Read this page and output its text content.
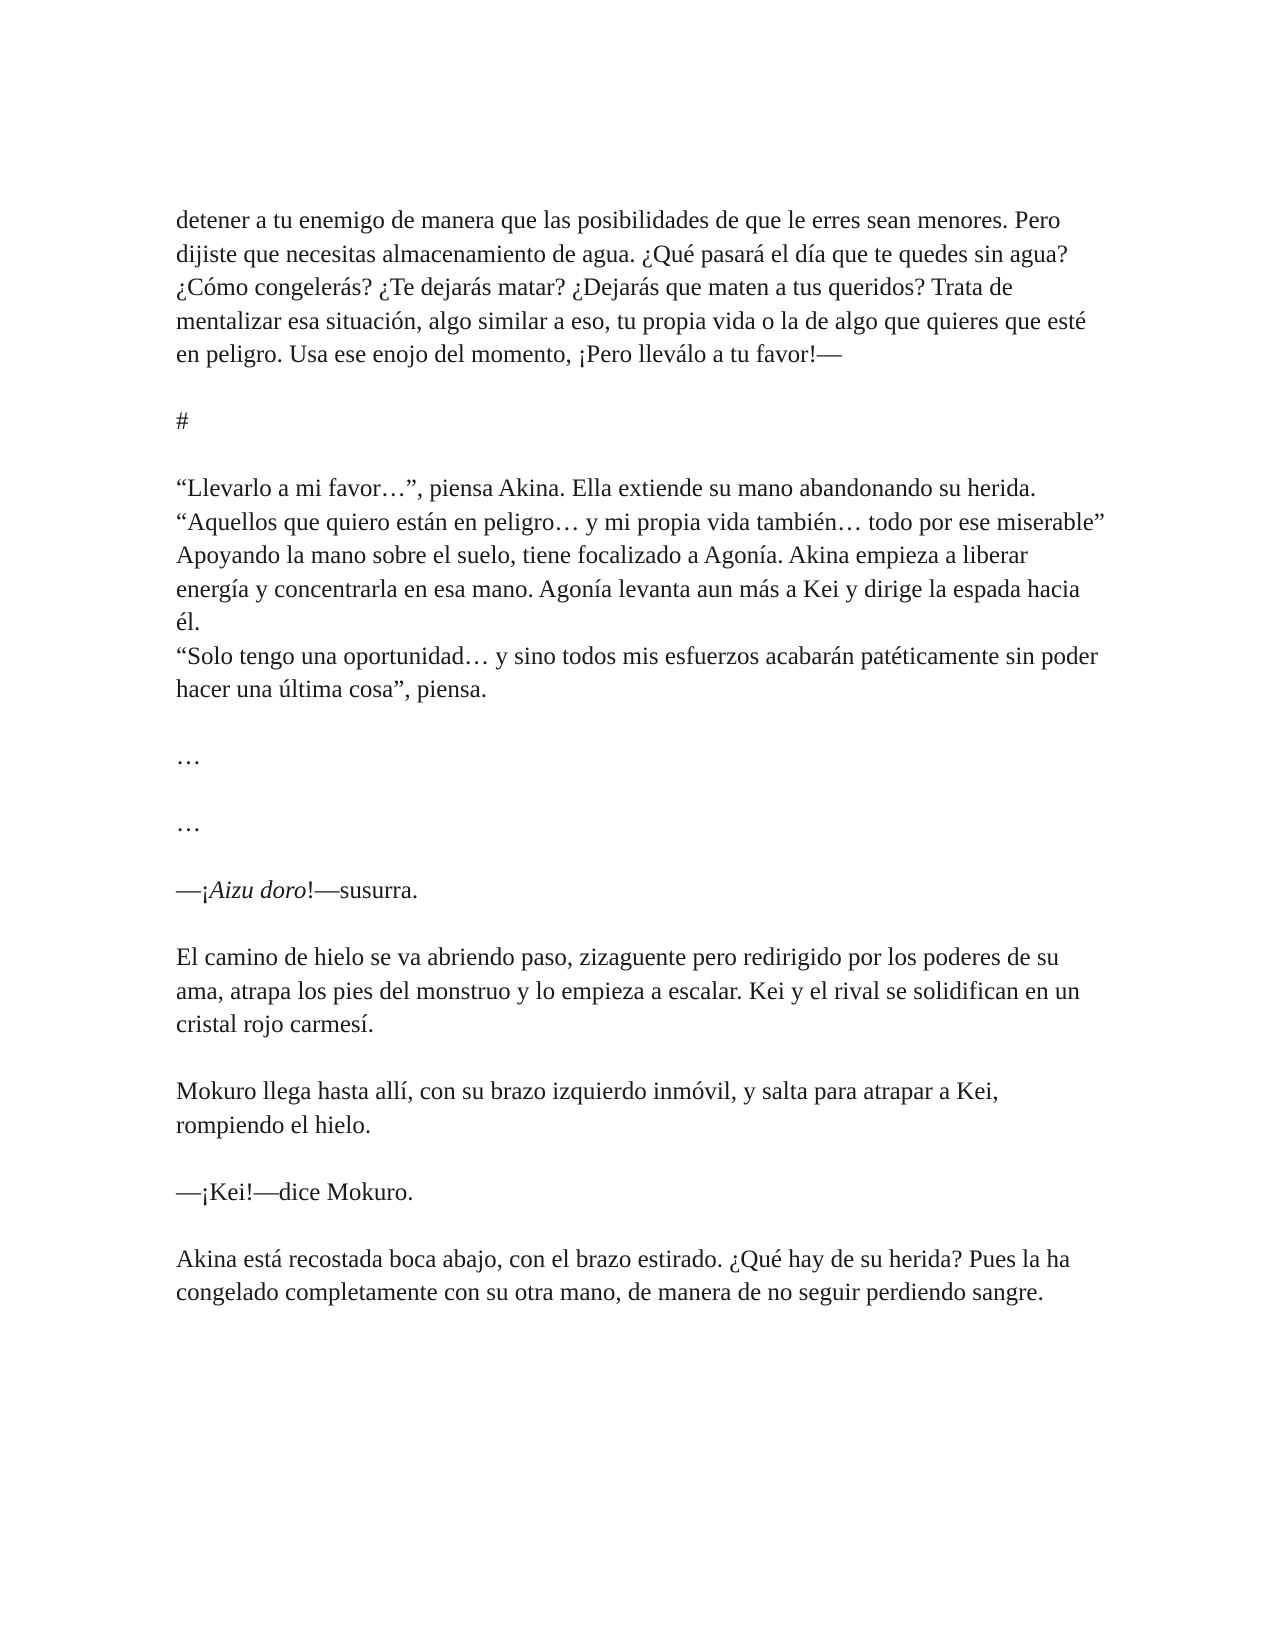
detener a tu enemigo de manera que las posibilidades de que le erres sean menores. Pero dijiste que necesitas almacenamiento de agua. ¿Qué pasará el día que te quedes sin agua? ¿Cómo congelerás? ¿Te dejarás matar? ¿Dejarás que maten a tus queridos? Trata de mentalizar esa situación, algo similar a eso, tu propia vida o la de algo que quieres que esté en peligro. Usa ese enojo del momento, ¡Pero lleválo a tu favor!—

#

“Llevarlo a mi favor…”, piensa Akina. Ella extiende su mano abandonando su herida.

“Aquellos que quiero están en peligro… y mi propia vida también… todo por ese miserable”

Apoyando la mano sobre el suelo, tiene focalizado a Agonía. Akina empieza a liberar energía y concentrarla en esa mano. Agonía levanta aun más a Kei y dirige la espada hacia él.

“Solo tengo una oportunidad… y sino todos mis esfuerzos acabarán patéticamente sin poder hacer una última cosa”, piensa.

…

…

—¡Aizu doro!—susurra.

El camino de hielo se va abriendo paso, zizaguente pero redirigido por los poderes de su ama, atrapa los pies del monstruo y lo empieza a escalar. Kei y el rival se solidifican en un cristal rojo carmesí.

Mokuro llega hasta allí, con su brazo izquierdo inmóvil, y salta para atrapar a Kei, rompiendo el hielo.

—¡Kei!—dice Mokuro.

Akina está recostada boca abajo, con el brazo estirado. ¿Qué hay de su herida? Pues la ha congelado completamente con su otra mano, de manera de no seguir perdiendo sangre.
